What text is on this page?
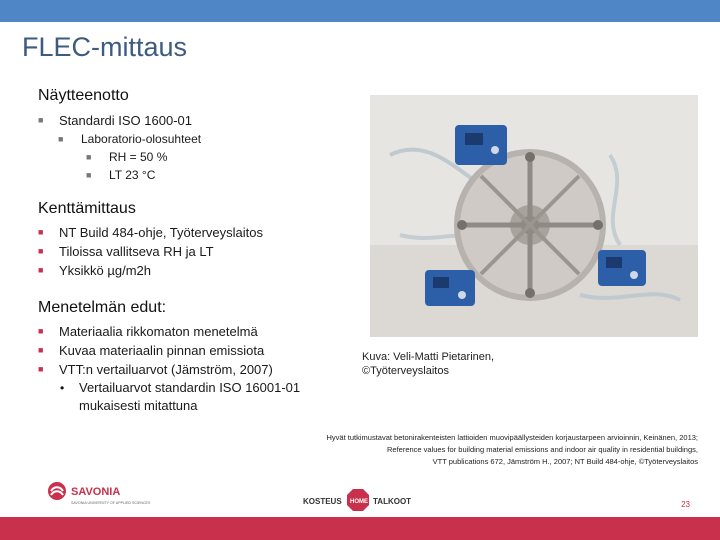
FLEC-mittaus
Näytteenotto
■ Standardi ISO 1600-01
■ Laboratorio-olosuhteet
■ RH = 50 %
■ LT 23 °C
Kenttämittaus
■ NT Build 484-ohje, Työterveyslaitos
■ Tiloissa vallitseva RH ja LT
■ Yksikkö µg/m2h
Menetelmän edut:
■ Materiaalia rikkomaton menetelmä
■ Kuvaa materiaalin pinnan emissiota
■ VTT:n vertailuarvot (Jämström, 2007)
• Vertailuarvot standardin ISO 16001-01
mukaisesti mitattuna
Kuva: Veli-Matti Pietarinen,
©Työterveyslaitos
Hyvät tutkimustavat betonirakenteisten lattioiden muovipäällysteiden korjaustarpeen arvioinnin, Keinänen, 2013;
Reference values for building material emissions and indoor air quality in residential buildings,
VTT publications 672, Jämström H., 2007; NT Build 484-ohje, ©Työterveyslaitos
SAVONIA
SAVONIA UNIVERSITY OF APPLIED SCIENCES	KOSTEUS HOME TALKOOT	23
